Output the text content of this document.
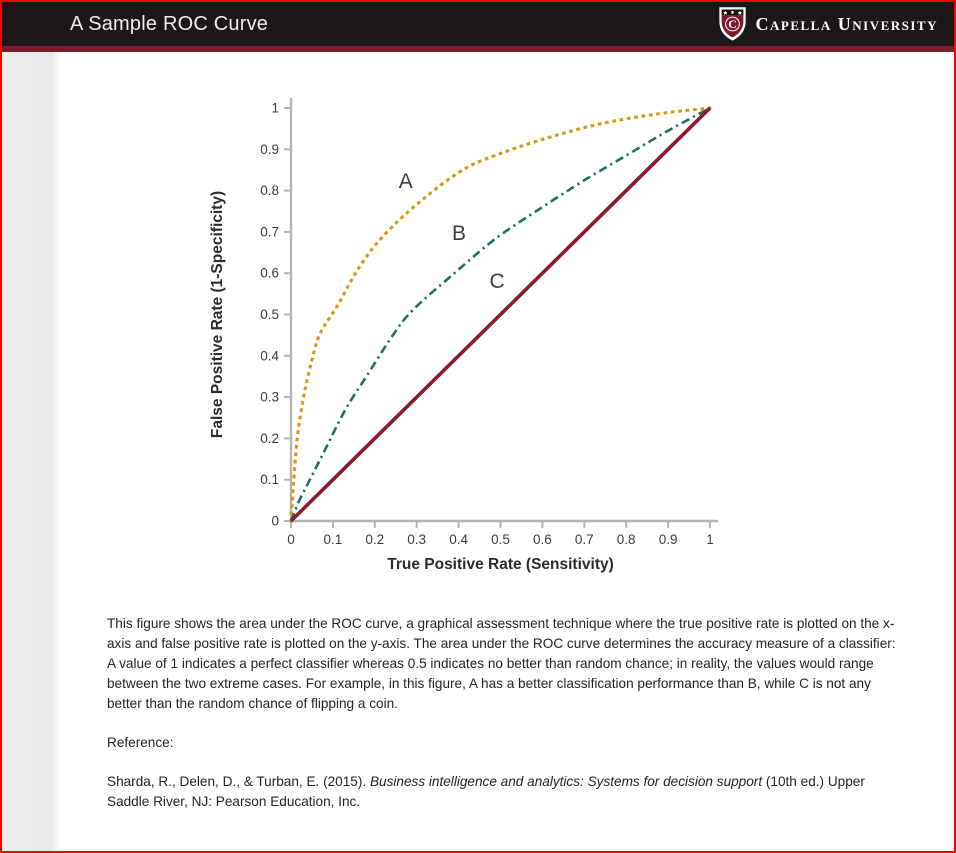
A Sample ROC Curve	C Capella University
0
0.1
0.2
0.3
0.4
0.5
0.6
0.7
0.8
0.9
1
0 0.1 0.2 0.3 0.4 0.5 0.6 0.7 0.8 0.9 1
True Positive Rate (Sensitivity)
False Positive Rate (1-Specificity)
A
B
C

This figure shows the area under the ROC curve, a graphical assessment technique where the true positive rate is plotted on the x-axis and false positive rate is plotted on the y-axis. The area under the ROC curve determines the accuracy measure of a classifier: A value of 1 indicates a perfect classifier whereas 0.5 indicates no better than random chance; in reality, the values would range between the two extreme cases. For example, in this figure, A has a better classification performance than B, while C is not any better than the random chance of flipping a coin.

Reference:

Sharda, R., Delen, D., & Turban, E. (2015). Business intelligence and analytics: Systems for decision support (10th ed.) Upper Saddle River, NJ: Pearson Education, Inc.
